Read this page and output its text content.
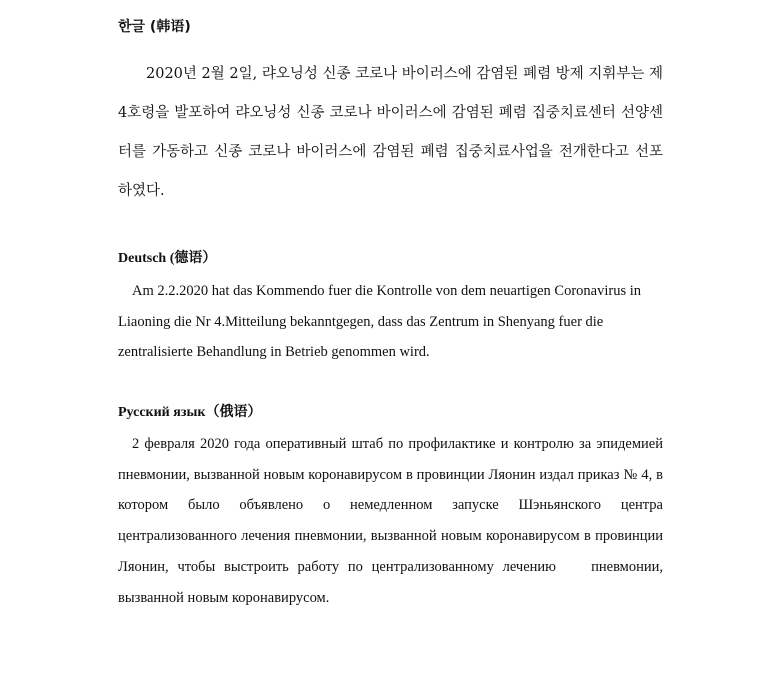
한글 (韩语)

2020년 2월 2일, 랴오닝성 신종 코로나 바이러스에 감염된 폐렴 방제 지휘부는 제4호령을 발포하여 랴오닝성 신종 코로나 바이러스에 감염된 폐렴 집중치료센터 선양센터를 가동하고 신종 코로나 바이러스에 감염된 폐렴 집중치료사업을 전개한다고 선포하였다.

Deutsch (德语）

Am 2.2.2020 hat das Kommendo fuer die Kontrolle von dem neuartigen Coronavirus in Liaoning die Nr 4.Mitteilung bekanntgegen, dass das Zentrum in Shenyang fuer die zentralisierte Behandlung in Betrieb genommen wird.

Русский язык（俄语）

2 февраля 2020 года оперативный штаб по профилактике и контролю за эпидемией пневмонии, вызванной новым коронавирусом в провинции Ляонин издал приказ № 4, в котором было объявлено о немедленном запуске Шэньянского центра централизованного лечения пневмонии, вызванной новым коронавирусом в провинции Ляонин, чтобы выстроить работу по централизованному лечению    пневмонии, вызванной новым коронавирусом.
